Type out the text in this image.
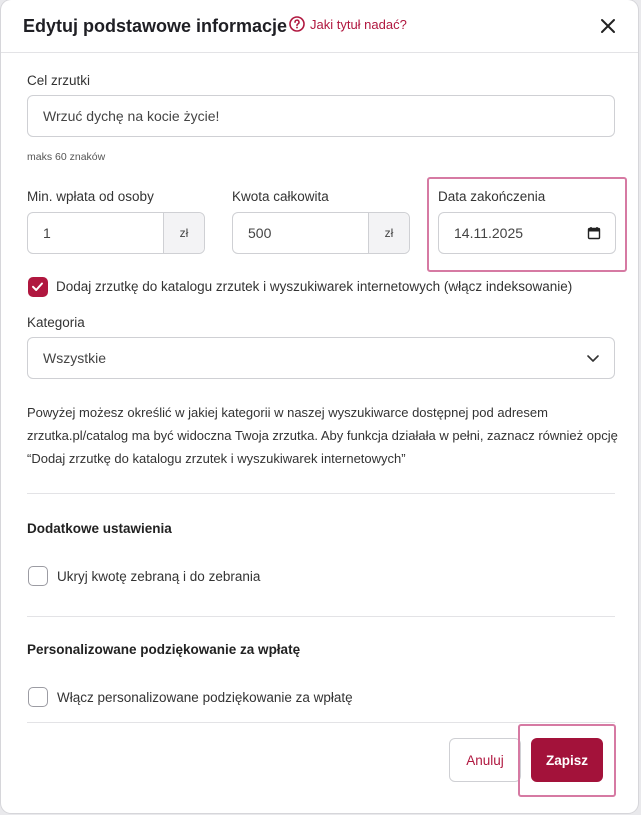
Edytuj podstawowe informacje Jaki tytuł nadać?
Cel zrzutki
Wrzuć dychę na kocie życie!
maks 60 znaków
Min. wpłata od osoby
1	zł
Kwota całkowita
500	zł
Data zakończenia
14.11.2025
Dodaj zrzutkę do katalogu zrzutek i wyszukiwarek internetowych (włącz indeksowanie)
Kategoria
Wszystkie
Powyżej możesz określić w jakiej kategorii w naszej wyszukiwarce dostępnej pod adresem zrzutka.pl/catalog ma być widoczna Twoja zrzutka. Aby funkcja działała w pełni, zaznacz również opcję “Dodaj zrzutkę do katalogu zrzutek i wyszukiwarek internetowych”
Dodatkowe ustawienia
Ukryj kwotę zebraną i do zebrania
Personalizowane podziękowanie za wpłatę
Włącz personalizowane podziękowanie za wpłatę
Anuluj	Zapisz
